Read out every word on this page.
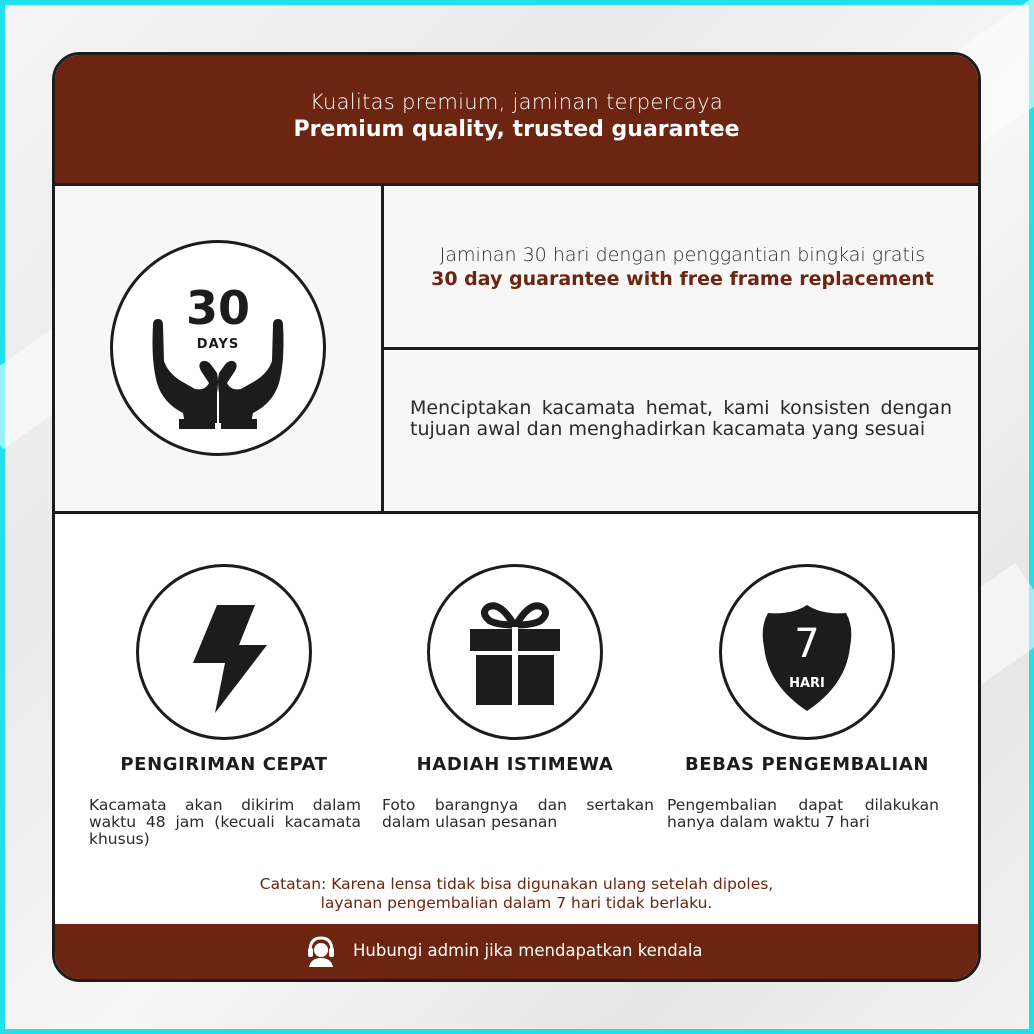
Kualitas premium, jaminan terpercaya
Premium quality, trusted guarantee
30
DAYS
Jaminan 30 hari dengan penggantian bingkai gratis
30 day guarantee with free frame replacement
Menciptakan kacamata hemat, kami konsisten dengan tujuan awal dan menghadirkan kacamata yang sesuai
PENGIRIMAN CEPAT
Kacamata akan dikirim dalam waktu 48 jam (kecuali kacamata khusus)
HADIAH ISTIMEWA
Foto barangnya dan sertakan dalam ulasan pesanan
7
HARI
BEBAS PENGEMBALIAN
Pengembalian dapat dilakukan hanya dalam waktu 7 hari
Catatan: Karena lensa tidak bisa digunakan ulang setelah dipoles,
layanan pengembalian dalam 7 hari tidak berlaku.
Hubungi admin jika mendapatkan kendala
